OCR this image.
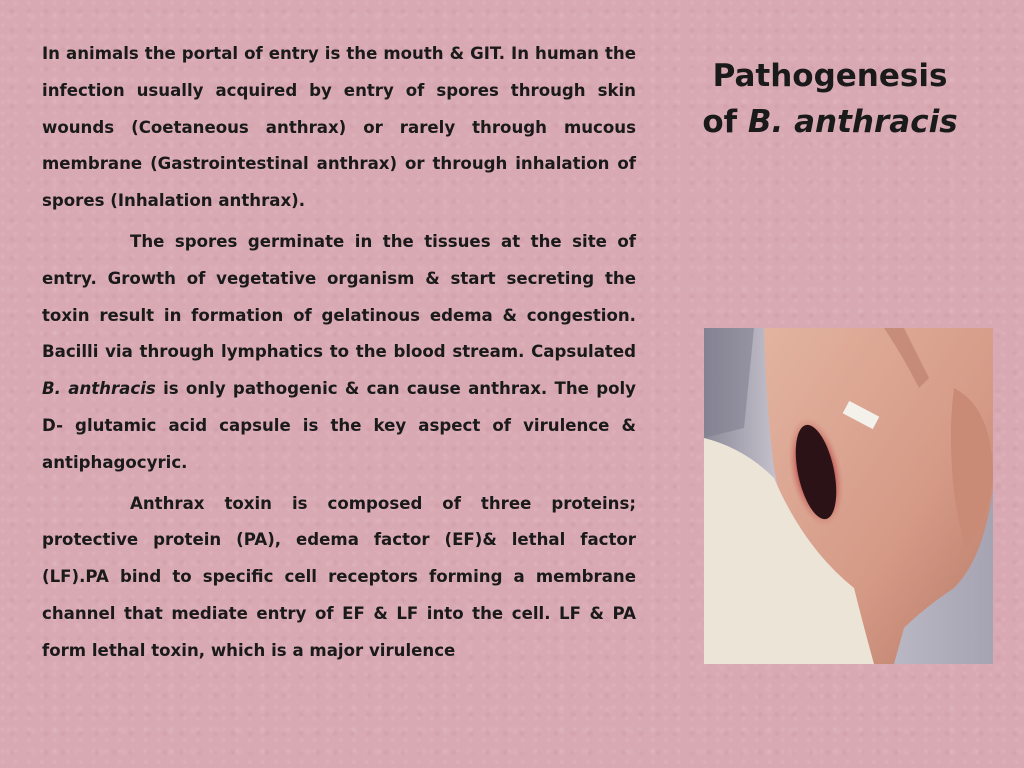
In animals the portal of entry is the mouth & GIT. In human the infection usually acquired by entry of spores through skin wounds (Coetaneous anthrax) or rarely through mucous membrane (Gastrointestinal anthrax) or through inhalation of spores (Inhalation anthrax).

The spores germinate in the tissues at the site of entry. Growth of vegetative organism & start secreting the toxin result in formation of gelatinous edema & congestion. Bacilli via through lymphatics to the blood stream. Capsulated B. anthracis is only pathogenic & can cause anthrax. The poly D- glutamic acid capsule is the key aspect of virulence & antiphagocyric.

Anthrax toxin is composed of three proteins; protective protein (PA), edema factor (EF)& lethal factor (LF).PA bind to specific cell receptors forming a membrane channel that mediate entry of EF & LF into the cell. LF & PA form lethal toxin, which is a major virulence

Pathogenesis
of B. anthracis
